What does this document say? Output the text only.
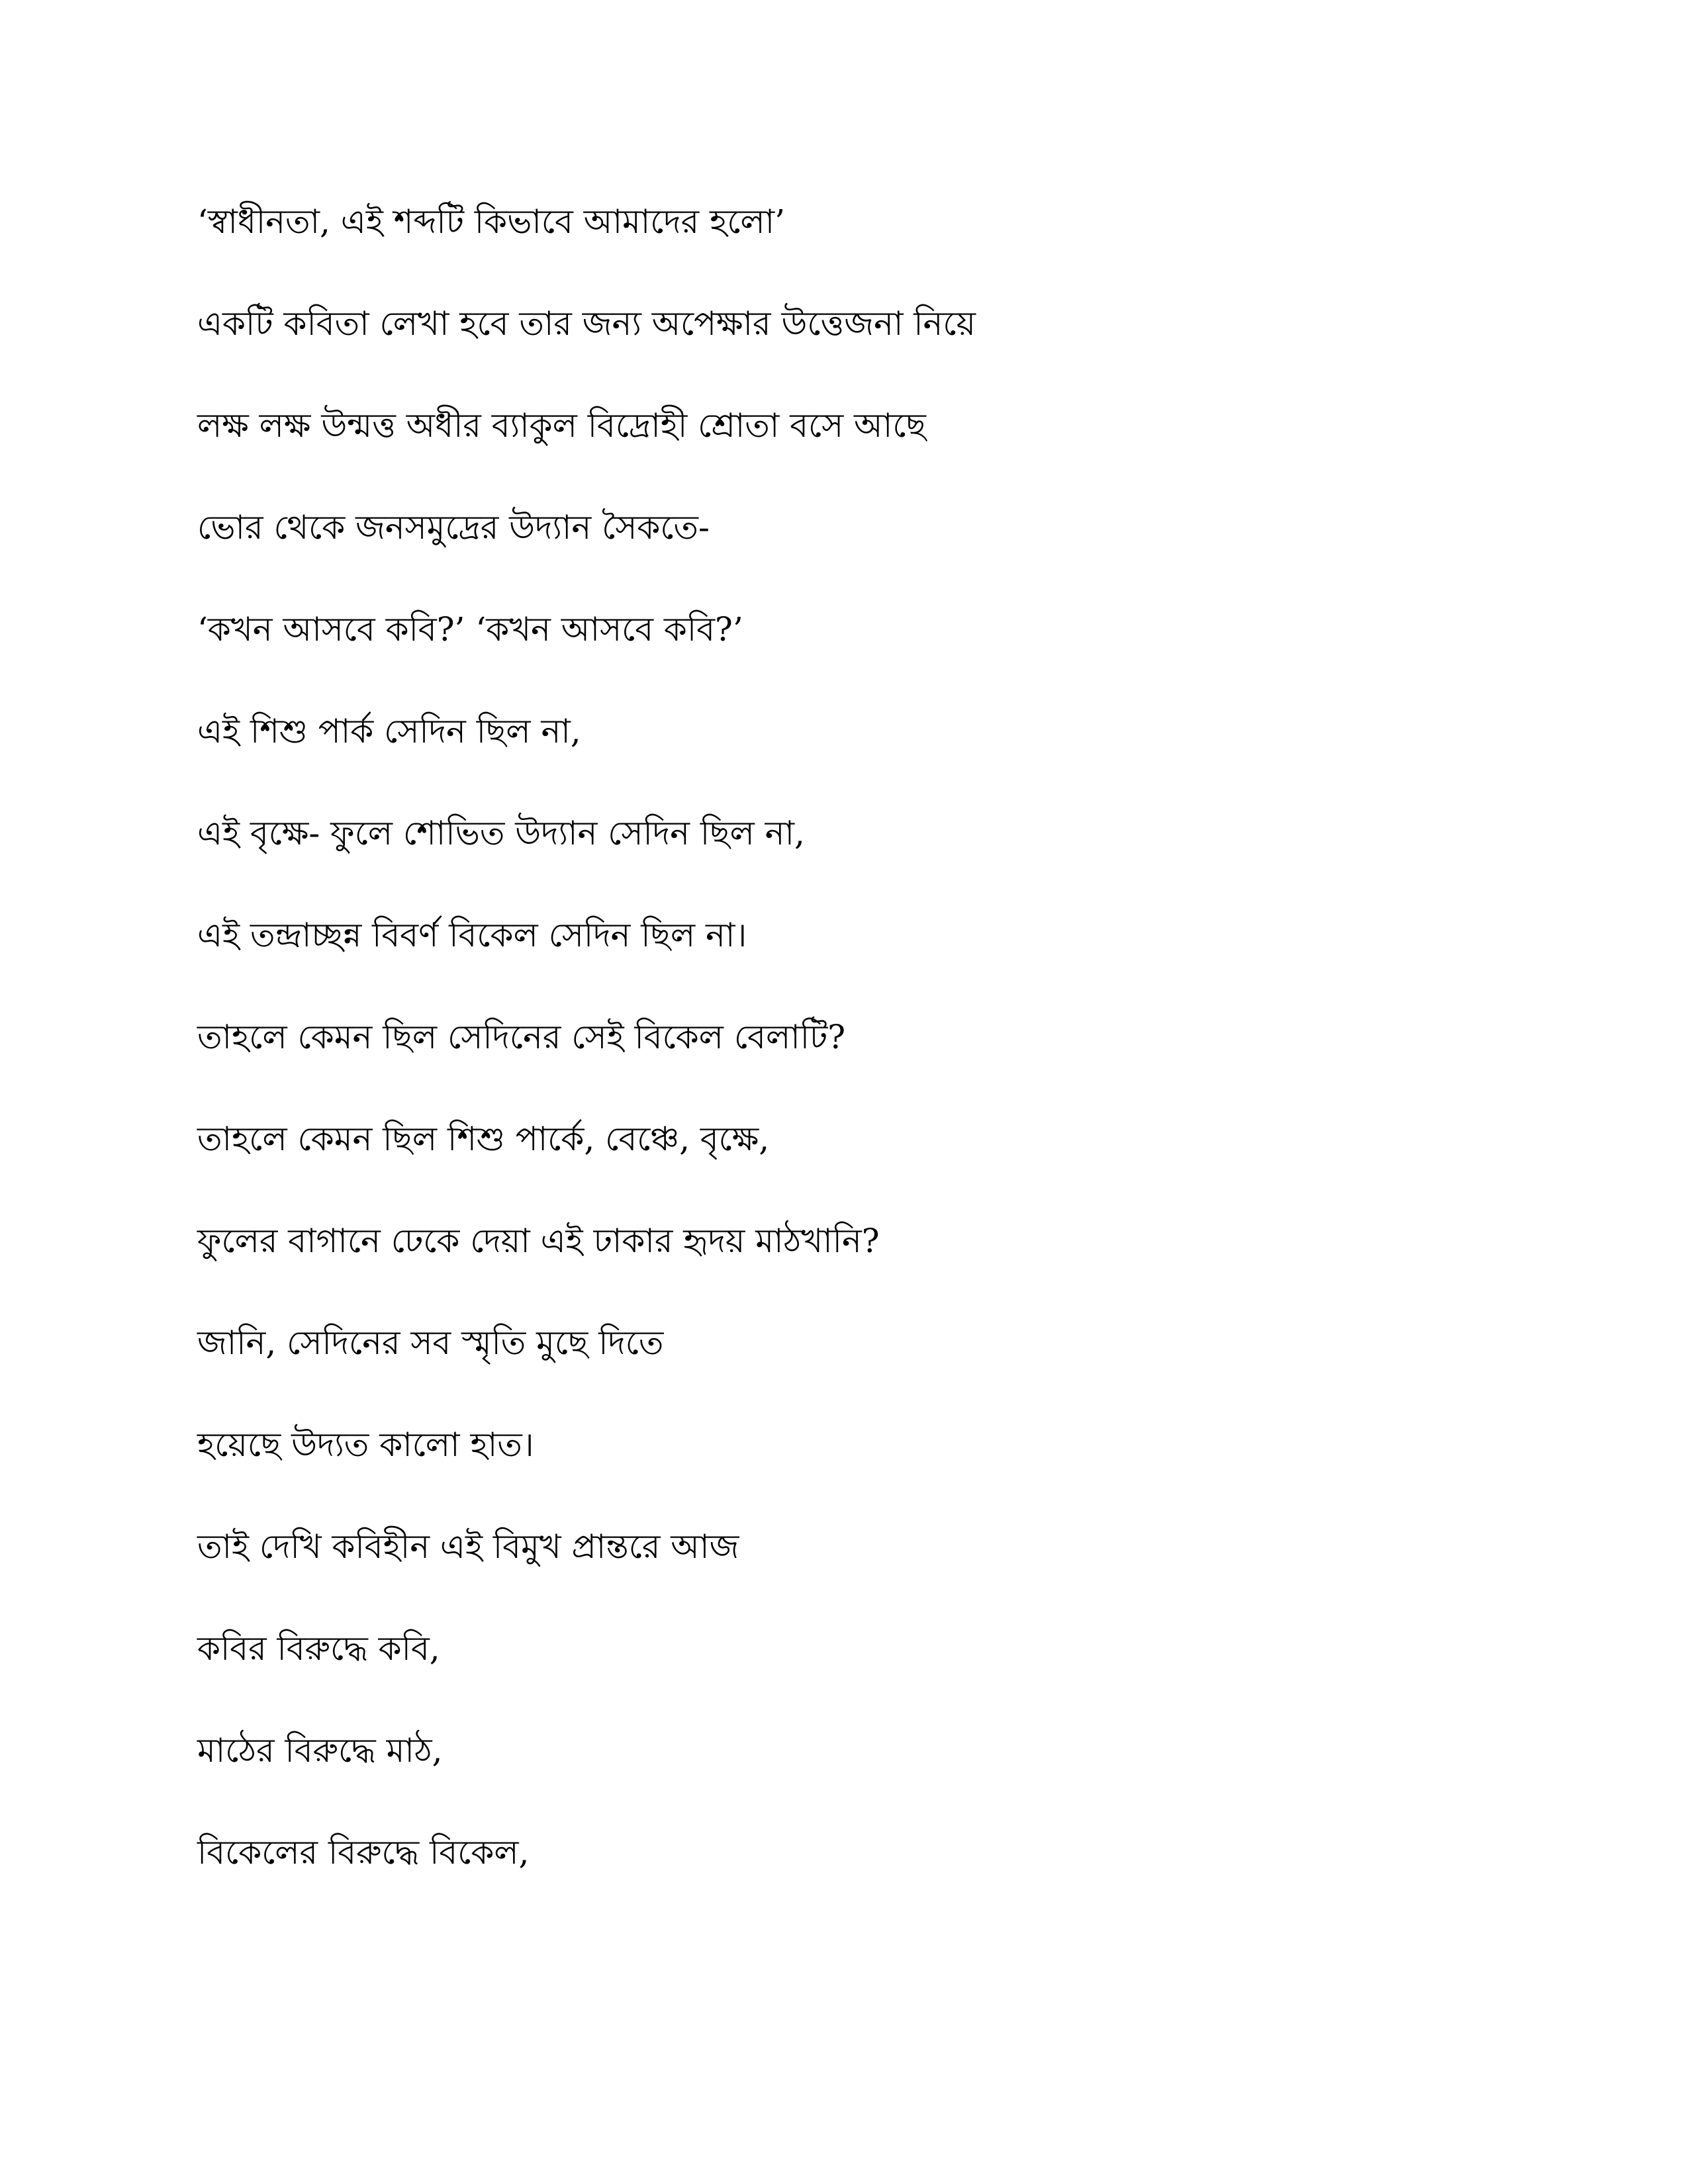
‘স্বাধীনতা, এই শব্দটি কিভাবে আমাদের হলো’

একটি কবিতা লেখা হবে তার জন্য অপেক্ষার উত্তেজনা নিয়ে

লক্ষ লক্ষ উন্মত্ত অধীর ব্যাকুল বিদ্রোহী শ্রোতা বসে আছে

ভোর থেকে জনসমুদ্রের উদ্যান সৈকতে-

‘কখন আসবে কবি?’ ‘কখন আসবে কবি?’

এই শিশু পার্ক সেদিন ছিল না,

এই বৃক্ষে- ফুলে শোভিত উদ্যান সেদিন ছিল না,

এই তন্দ্রাচ্ছন্ন বিবর্ণ বিকেল সেদিন ছিল না।

তাহলে কেমন ছিল সেদিনের সেই বিকেল বেলাটি?

তাহলে কেমন ছিল শিশু পার্কে, বেঞ্চে, বৃক্ষে,

ফুলের বাগানে ঢেকে দেয়া এই ঢাকার হৃদয় মাঠখানি?

জানি, সেদিনের সব স্মৃতি মুছে দিতে

হয়েছে উদ্যত কালো হাত।

তাই দেখি কবিহীন এই বিমুখ প্রান্তরে আজ

কবির বিরুদ্ধে কবি,

মাঠের বিরুদ্ধে মাঠ,

বিকেলের বিরুদ্ধে বিকেল,
